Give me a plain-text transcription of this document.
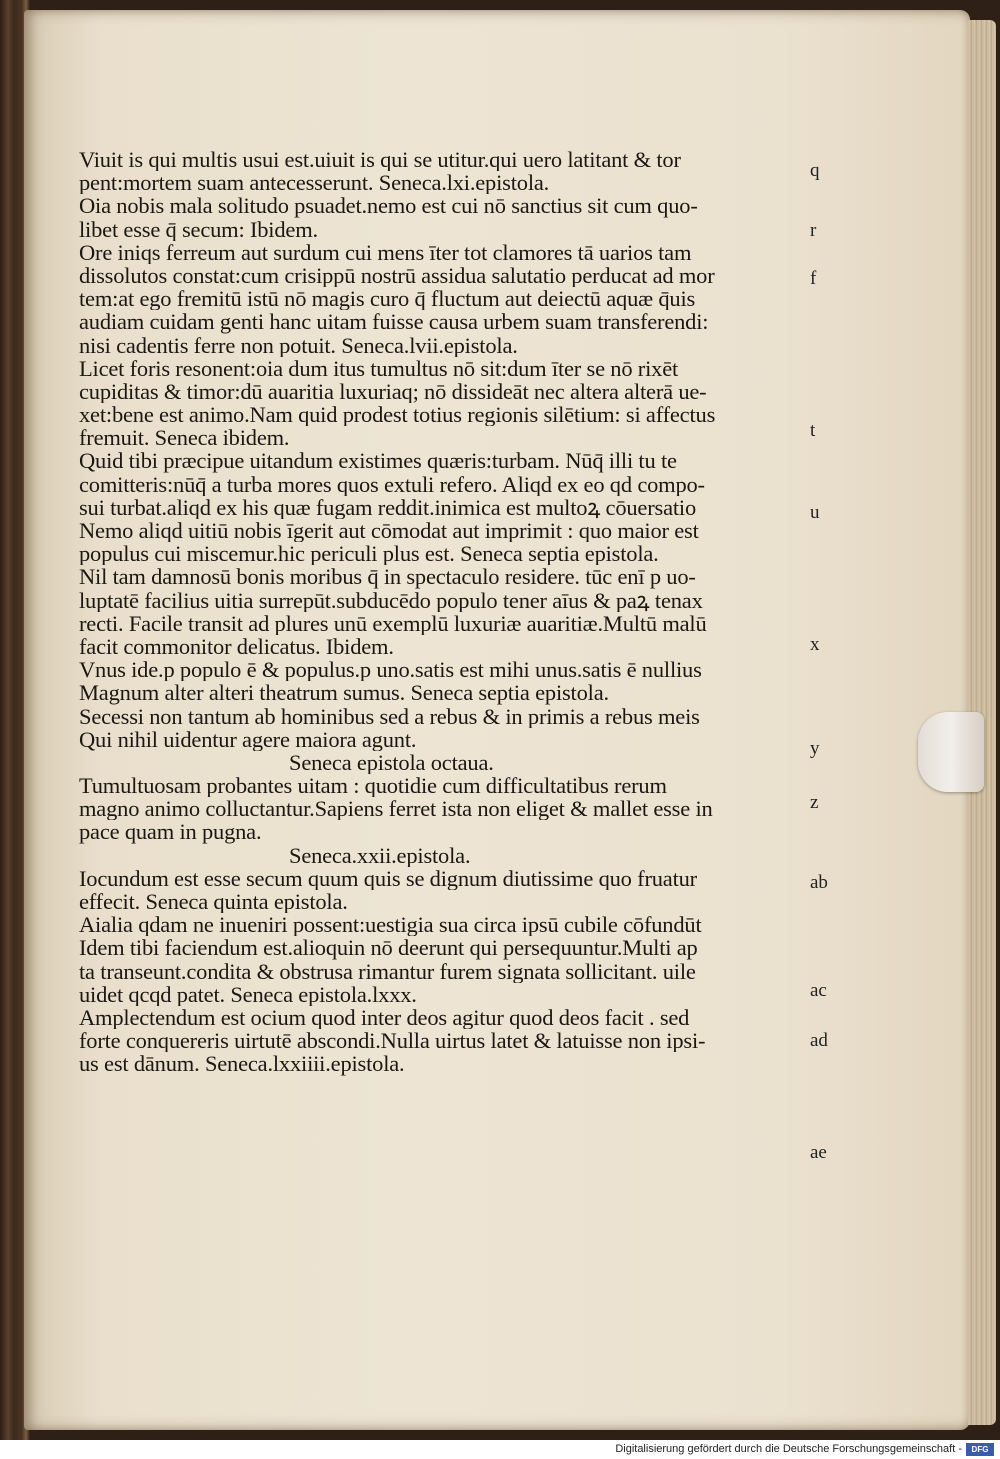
Viuit is qui multis usui est.uiuit is qui se utitur.qui uero latitant & tor
pent:mortem suam antecesserunt. Seneca.lxi.epistola.
Oia nobis mala solitudo psuadet.nemo est cui nō sanctius sit cum quo-
libet esse q̄ secum: Ibidem.
Ore iniqs ferreum aut surdum cui mens īter tot clamores tā uarios tam
dissolutos constat:cum crisippū nostrū assidua salutatio perducat ad mor
tem:at ego fremitū istū nō magis curo q̄ fluctum aut deiectū aquæ q̄uis
audiam cuidam genti hanc uitam fuisse causa urbem suam transferendi:
nisi cadentis ferre non potuit. Seneca.lvii.epistola.
Licet foris resonent:oia dum itus tumultus nō sit:dum īter se nō rixēt
cupiditas & timor:dū auaritia luxuriaq; nō dissideāt nec altera alterā ue-
xet:bene est animo.Nam quid prodest totius regionis silētium: si affectus
fremuit. Seneca ibidem.
Quid tibi præcipue uitandum existimes quæris:turbam. Nūq̄ illi tu te
comitteris:nūq̄ a turba mores quos extuli refero. Aliqd ex eo qd compo-
sui turbat.aliqd ex his quæ fugam reddit.inimica est multoꝝ cōuersatio
Nemo aliqd uitiū nobis īgerit aut cōmodat aut imprimit : quo maior est
populus cui miscemur.hic periculi plus est. Seneca septia epistola.
Nil tam damnosū bonis moribus q̄ in spectaculo residere. tūc enī p uo-
luptatē facilius uitia surrepūt.subducēdo populo tener aīus & paꝝ tenax
recti. Facile transit ad plures unū exemplū luxuriæ auaritiæ.Multū malū
facit commonitor delicatus. Ibidem.
Vnus ide.p populo ē & populus.p uno.satis est mihi unus.satis ē nullius
Magnum alter alteri theatrum sumus. Seneca septia epistola.
Secessi non tantum ab hominibus sed a rebus & in primis a rebus meis
Qui nihil uidentur agere maiora agunt.
Seneca epistola octaua.
Tumultuosam probantes uitam : quotidie cum difficultatibus rerum
magno animo colluctantur.Sapiens ferret ista non eliget & mallet esse in
pace quam in pugna.
Seneca.xxii.epistola.
Iocundum est esse secum quum quis se dignum diutissime quo fruatur
effecit. Seneca quinta epistola.
Aialia qdam ne inueniri possent:uestigia sua circa ipsū cubile cōfundūt
Idem tibi faciendum est.alioquin nō deerunt qui persequuntur.Multi ap
ta transeunt.condita & obstrusa rimantur furem signata sollicitant. uile
uidet qcqd patet. Seneca epistola.lxxx.
Amplectendum est ocium quod inter deos agitur quod deos facit . sed
forte conquereris uirtutē abscondi.Nulla uirtus latet & latuisse non ipsi-
us est dānum. Seneca.lxxiiii.epistola.
q
r
f
t
u
x
y
z
ab
ac
ad
ae
Digitalisierung gefördert durch die Deutsche Forschungsgemeinschaft -	DFG
